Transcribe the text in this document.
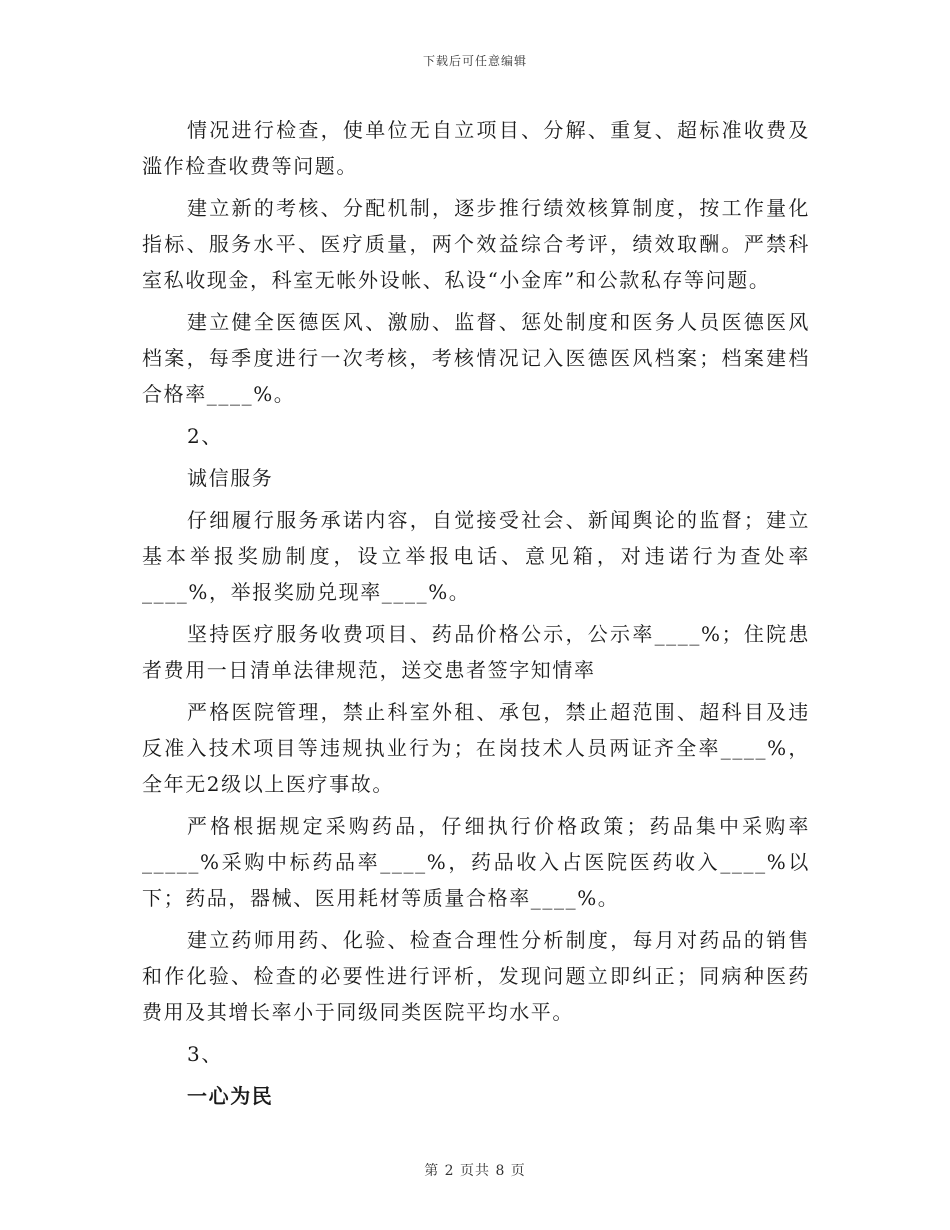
下载后可任意编辑

情况进行检查，使单位无自立项目、分解、重复、超标准收费及滥作检查收费等问题。

建立新的考核、分配机制，逐步推行绩效核算制度，按工作量化指标、服务水平、医疗质量，两个效益综合考评，绩效取酬。严禁科室私收现金，科室无帐外设帐、私设“小金库”和公款私存等问题。

建立健全医德医风、激励、监督、惩处制度和医务人员医德医风档案，每季度进行一次考核，考核情况记入医德医风档案；档案建档合格率____%。

2、

诚信服务

仔细履行服务承诺内容，自觉接受社会、新闻舆论的监督；建立基本举报奖励制度，设立举报电话、意见箱，对违诺行为查处率____%，举报奖励兑现率____%。

坚持医疗服务收费项目、药品价格公示，公示率____%；住院患者费用一日清单法律规范，送交患者签字知情率

严格医院管理，禁止科室外租、承包，禁止超范围、超科目及违反准入技术项目等违规执业行为；在岗技术人员两证齐全率____%，全年无2级以上医疗事故。

严格根据规定采购药品，仔细执行价格政策；药品集中采购率_____%采购中标药品率____%，药品收入占医院医药收入____%以下；药品，器械、医用耗材等质量合格率____%。

建立药师用药、化验、检查合理性分析制度，每月对药品的销售和作化验、检查的必要性进行评析，发现问题立即纠正；同病种医药费用及其增长率小于同级同类医院平均水平。

3、

一心为民

第 2 页共 8 页
